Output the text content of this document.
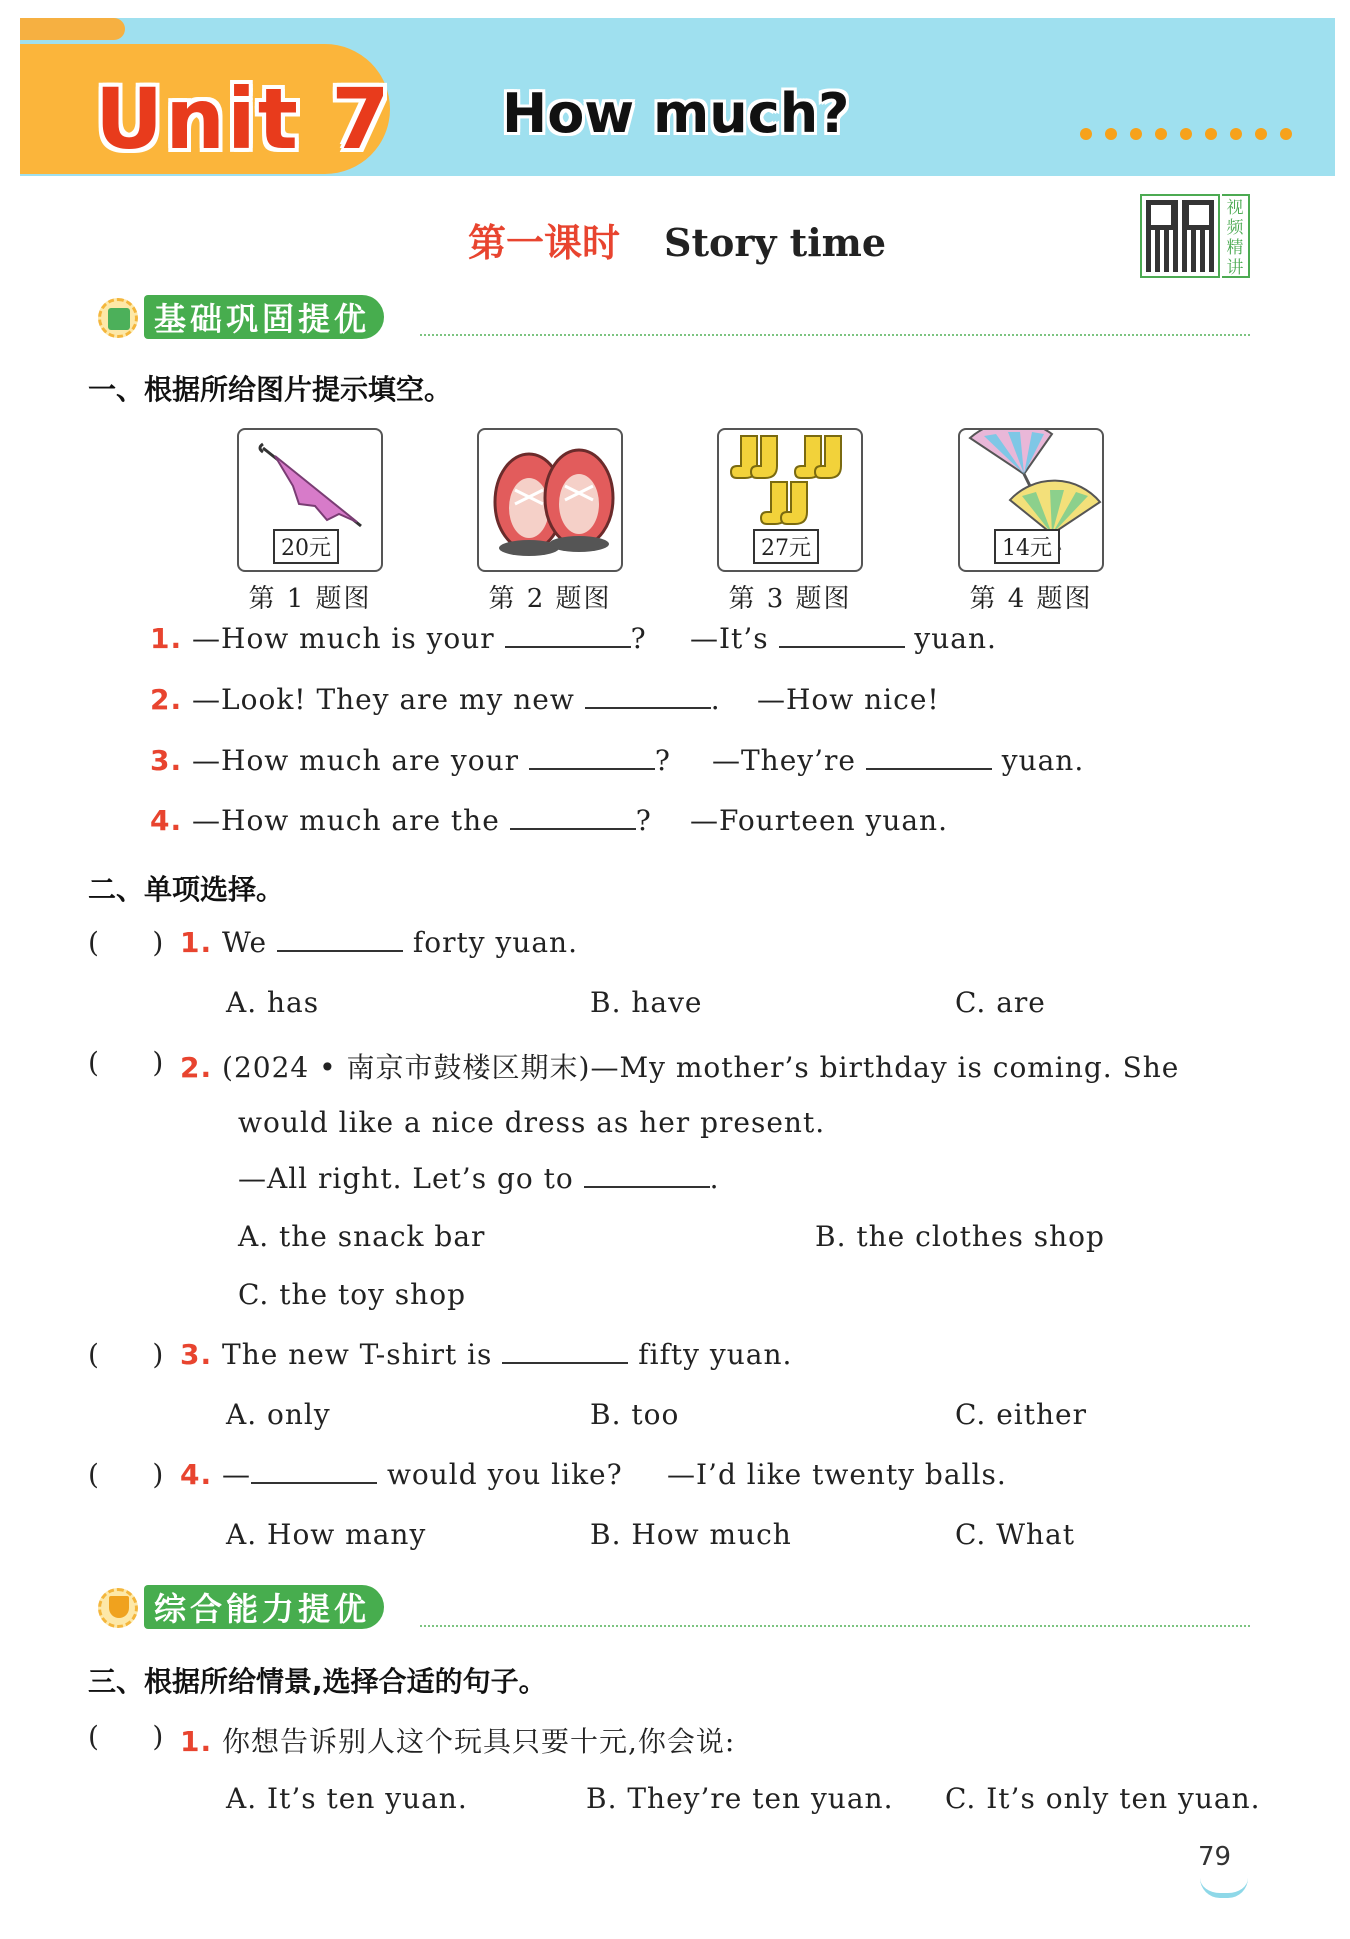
Unit 7 How much?
第一课时 Story time
视频精讲
基础巩固提优
一、根据所给图片提示填空。
20元
第 1 题图	第 2 题图
27元
第 3 题图
14元
第 4 题图
1. —How much is your	? —It’s	yuan.
2. —Look! They are my new	. —How nice!
3. —How much are your	? —They’re	yuan.
4. —How much are the	? —Fourteen yuan.
二、单项选择。
(      ) 1. We	forty yuan.
A. has	B. have	C. are
(      ) 2. (2024 • 南京市鼓楼区期末)—My mother’s birthday is coming. She
would like a nice dress as her present.
—All right. Let’s go to	.
A. the snack bar	B. the clothes shop
C. the toy shop
(      ) 3. The new T-shirt is	fifty yuan.
A. only	B. too	C. either
(      ) 4. —	would you like? —I’d like twenty balls.
A. How many	B. How much	C. What
综合能力提优
三、根据所给情景,选择合适的句子。
(      ) 1. 你想告诉别人这个玩具只要十元,你会说:
A. It’s ten yuan.	B. They’re ten yuan. C. It’s only ten yuan.
79
